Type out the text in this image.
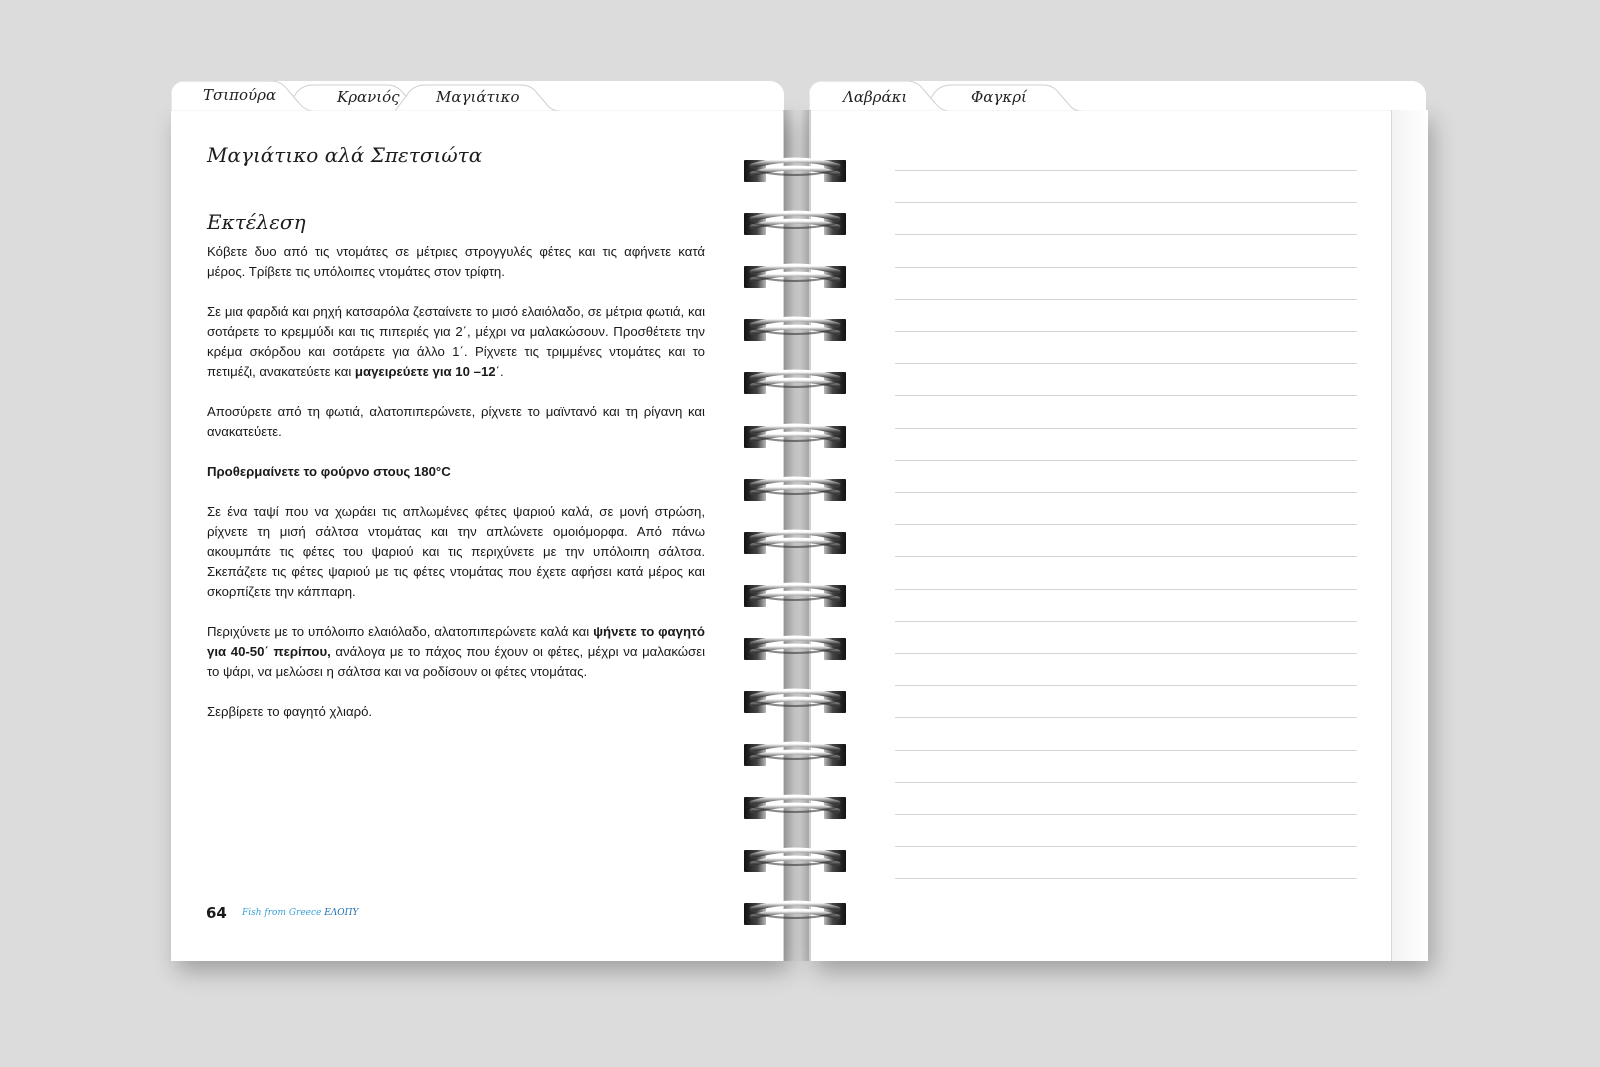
Τσιπούρα	Κρανιός Μαγιάτικο
Μαγιάτικο αλά Σπετσιώτα
Εκτέλεση

Κόβετε δυο από τις ντομάτες σε μέτριες στρογγυλές φέτες και τις αφήνετε κατά μέρος. Τρίβετε τις υπόλοιπες ντομάτες στον τρίφτη.

Σε μια φαρδιά και ρηχή κατσαρόλα ζεσταίνετε το μισό ελαιόλαδο, σε μέτρια φωτιά, και σοτάρετε το κρεμμύδι και τις πιπεριές για 2΄, μέχρι να μαλακώσουν. Προσθέτετε την κρέμα σκόρδου και σοτάρετε για άλλο 1΄. Ρίχνετε τις τριμμένες ντομάτες και το πετιμέζι, ανακατεύετε και μαγειρεύετε για 10 –12΄.

Αποσύρετε από τη φωτιά, αλατοπιπερώνετε, ρίχνετε το μαϊντανό και τη ρίγανη και ανακατεύετε.

Προθερμαίνετε το φούρνο στους 180°C

Σε ένα ταψί που να χωράει τις απλωμένες φέτες ψαριού καλά, σε μονή στρώση, ρίχνετε τη μισή σάλτσα ντομάτας και την απλώνετε ομοιόμορφα. Από πάνω ακουμπάτε τις φέτες του ψαριού και τις περιχύνετε με την υπόλοιπη σάλτσα. Σκεπάζετε τις φέτες ψαριού με τις φέτες ντομάτας που έχετε αφήσει κατά μέρος και σκορπίζετε την κάππαρη.

Περιχύνετε με το υπόλοιπο ελαιόλαδο, αλατοπιπερώνετε καλά και ψήνετε το φαγητό για 40-50΄ περίπου, ανάλογα με το πάχος που έχουν οι φέτες, μέχρι να μαλακώσει το ψάρι, να μελώσει η σάλτσα και να ροδίσουν οι φέτες ντομάτας.

Σερβίρετε το φαγητό χλιαρό.

64 Fish from Greece ΕΛΟΠΥ
Λαβράκι	Φαγκρί
